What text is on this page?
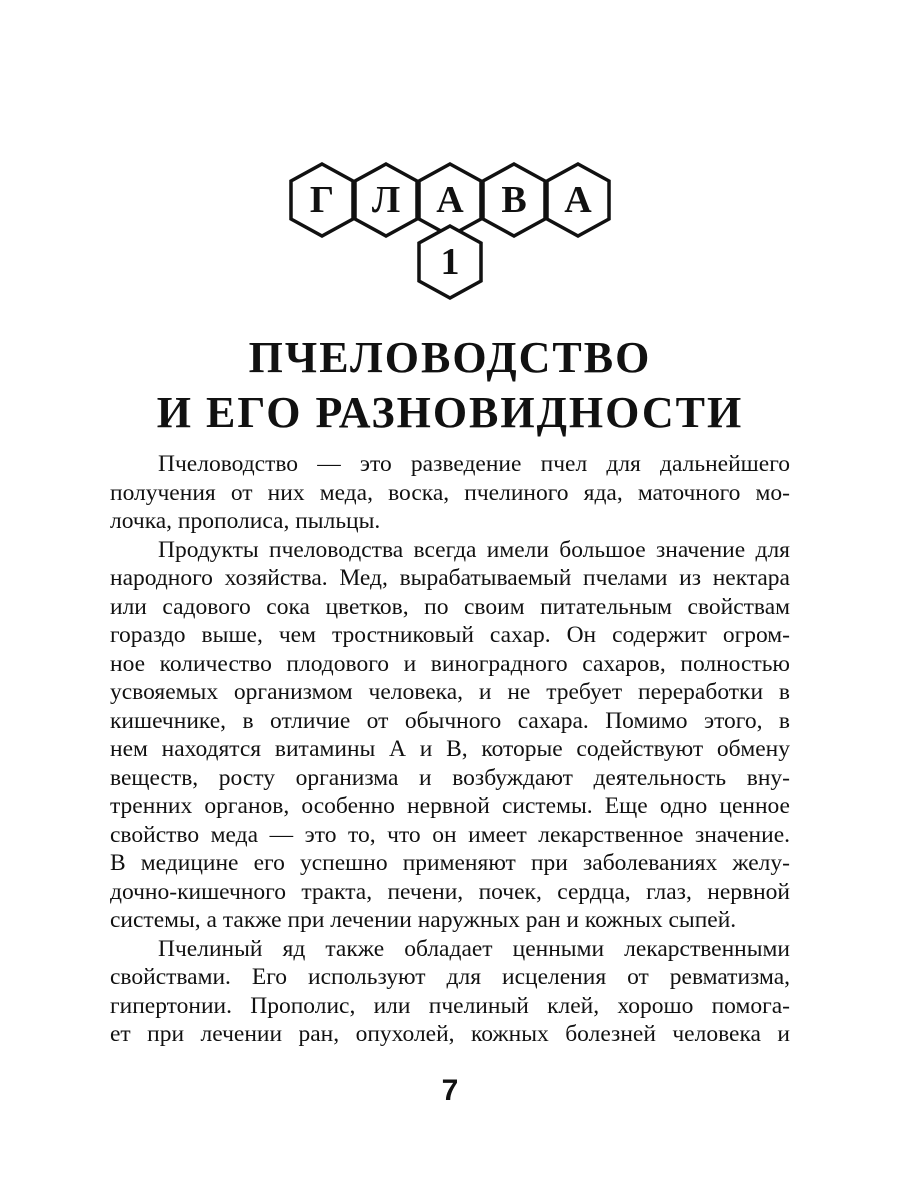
Г Л А В А
1
ПЧЕЛОВОДСТВО
И ЕГО РАЗНОВИДНОСТИ
Пчеловодство — это разведение пчел для дальнейшего
получения от них меда, воска, пчелиного яда, маточного мо-
лочка, прополиса, пыльцы.
Продукты пчеловодства всегда имели большое значение для
народного хозяйства. Мед, вырабатываемый пчелами из нектара
или садового сока цветков, по своим питательным свойствам
гораздо выше, чем тростниковый сахар. Он содержит огром-
ное количество плодового и виноградного сахаров, полностью
усвояемых организмом человека, и не требует переработки в
кишечнике, в отличие от обычного сахара. Помимо этого, в
нем находятся витамины А и В, которые содействуют обмену
веществ, росту организма и возбуждают деятельность вну-
тренних органов, особенно нервной системы. Еще одно ценное
свойство меда — это то, что он имеет лекарственное значение.
В медицине его успешно применяют при заболеваниях желу-
дочно-кишечного тракта, печени, почек, сердца, глаз, нервной
системы, а также при лечении наружных ран и кожных сыпей.
Пчелиный яд также обладает ценными лекарственными
свойствами. Его используют для исцеления от ревматизма,
гипертонии. Прополис, или пчелиный клей, хорошо помога-
ет при лечении ран, опухолей, кожных болезней человека и
7
